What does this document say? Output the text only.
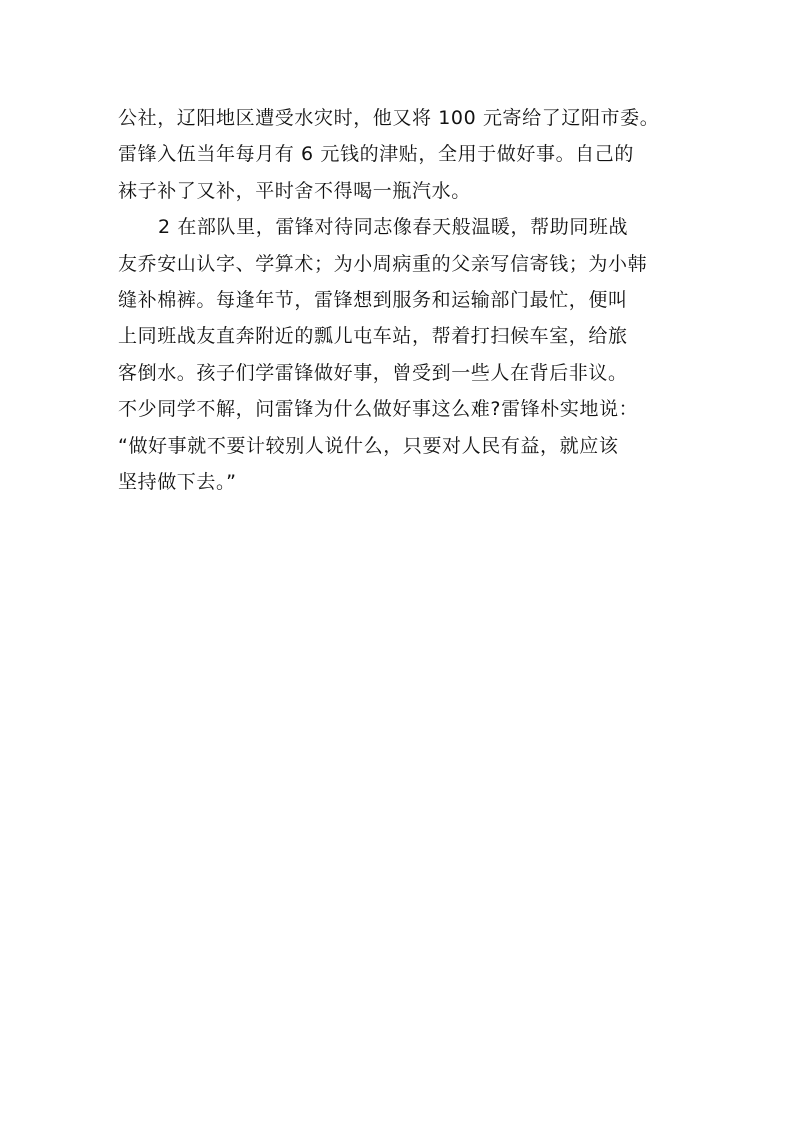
公社，辽阳地区遭受水灾时，他又将 100 元寄给了辽阳市委。
雷锋入伍当年每月有 6 元钱的津贴，全用于做好事。自己的
袜子补了又补，平时舍不得喝一瓶汽水。
2 在部队里，雷锋对待同志像春天般温暖，帮助同班战
友乔安山认字、学算术；为小周病重的父亲写信寄钱；为小韩
缝补棉裤。每逢年节，雷锋想到服务和运输部门最忙，便叫
上同班战友直奔附近的瓢儿屯车站，帮着打扫候车室，给旅
客倒水。孩子们学雷锋做好事，曾受到一些人在背后非议。
不少同学不解，问雷锋为什么做好事这么难?雷锋朴实地说：
“做好事就不要计较别人说什么，只要对人民有益，就应该
坚持做下去。”
